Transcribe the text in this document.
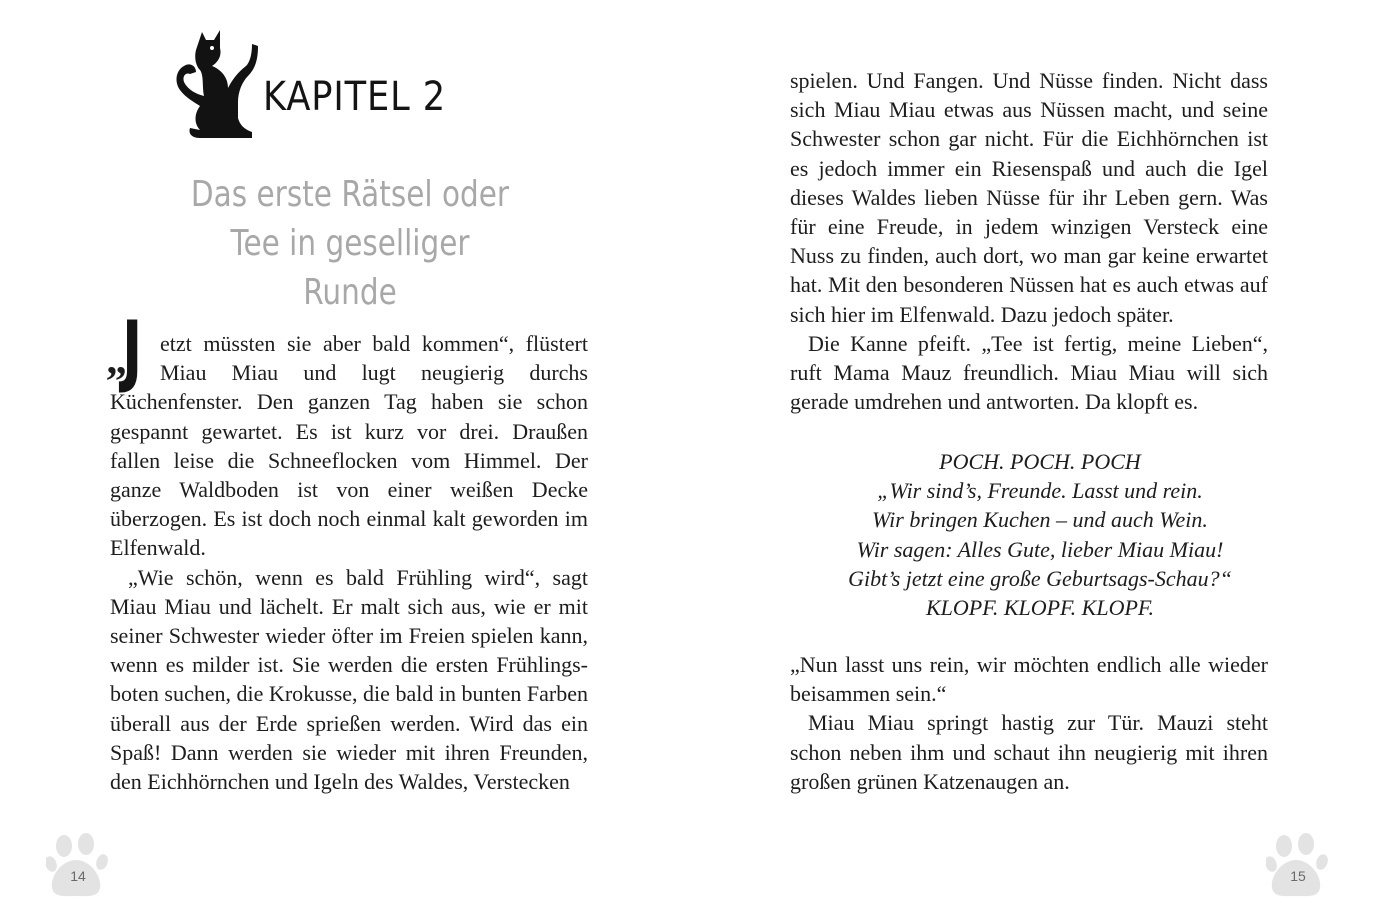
KAPITEL 2
Das erste Rätsel oder
Tee in geselliger Runde
„

Jetzt müssten sie aber bald kommen“, flüstert Miau Miau und lugt neugierig durchs Küchenfenster. Den ganzen Tag haben sie schon gespannt gewartet. Es ist kurz vor drei. Draußen fallen leise die Schneeflocken vom Himmel. Der ganze Waldboden ist von einer weißen Decke überzogen. Es ist doch noch einmal kalt geworden im Elfenwald.

„Wie schön, wenn es bald Frühling wird“, sagt Miau Miau und lächelt. Er malt sich aus, wie er mit seiner Schwester wieder öfter im Freien spielen kann, wenn es milder ist. Sie werden die ersten Frühlingsboten suchen, die Krokusse, die bald in bunten Farben überall aus der Erde sprießen werden. Wird das ein Spaß! Dann werden sie wieder mit ihren Freunden, den Eichhörnchen und Igeln des Waldes, Verstecken

14

spielen. Und Fangen. Und Nüsse finden. Nicht dass sich Miau Miau etwas aus Nüssen macht, und seine Schwester schon gar nicht. Für die Eichhörnchen ist es jedoch immer ein Riesenspaß und auch die Igel dieses Waldes lieben Nüsse für ihr Leben gern. Was für eine Freude, in jedem winzigen Versteck eine Nuss zu finden, auch dort, wo man gar keine erwartet hat. Mit den besonderen Nüssen hat es auch etwas auf sich hier im Elfenwald. Dazu jedoch später.

Die Kanne pfeift. „Tee ist fertig, meine Lieben“, ruft Mama Mauz freundlich. Miau Miau will sich gerade umdrehen und antworten. Da klopft es.

POCH. POCH. POCH
„Wir sind’s, Freunde. Lasst und rein.
Wir bringen Kuchen – und auch Wein.
Wir sagen: Alles Gute, lieber Miau Miau!
Gibt’s jetzt eine große Geburtsags-Schau?“
KLOPF. KLOPF. KLOPF.

„Nun lasst uns rein, wir möchten endlich alle wieder beisammen sein.“

Miau Miau springt hastig zur Tür. Mauzi steht schon neben ihm und schaut ihn neugierig mit ihren großen grünen Katzenaugen an.

15
